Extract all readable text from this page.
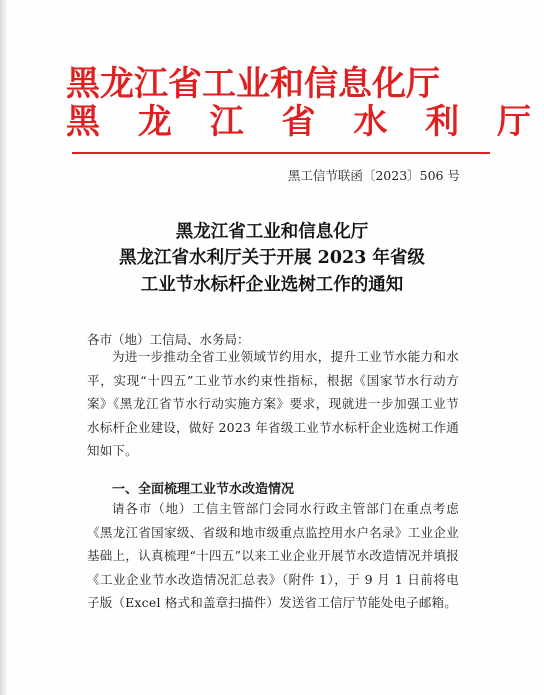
黑龙江省工业和信息化厅
黑 龙 江 省 水 利 厅
黑工信节联函〔2023〕506 号
黑龙江省工业和信息化厅
黑龙江省水利厅关于开展 2023 年省级
工业节水标杆企业选树工作的通知
各市（地）工信局、水务局：

为进一步推动全省工业领域节约用水，提升工业节水能力和水平，实现“十四五”工业节水约束性指标，根据《国家节水行动方案》《黑龙江省节水行动实施方案》要求，现就进一步加强工业节水标杆企业建设，做好 2023 年省级工业节水标杆企业选树工作通知如下。

一、全面梳理工业节水改造情况

请各市（地）工信主管部门会同水行政主管部门在重点考虑《黑龙江省国家级、省级和地市级重点监控用水户名录》工业企业基础上，认真梳理“十四五”以来工业企业开展节水改造情况并填报《工业企业节水改造情况汇总表》（附件 1），于 9 月 1 日前将电子版（Excel 格式和盖章扫描件）发送省工信厅节能处电子邮箱。
